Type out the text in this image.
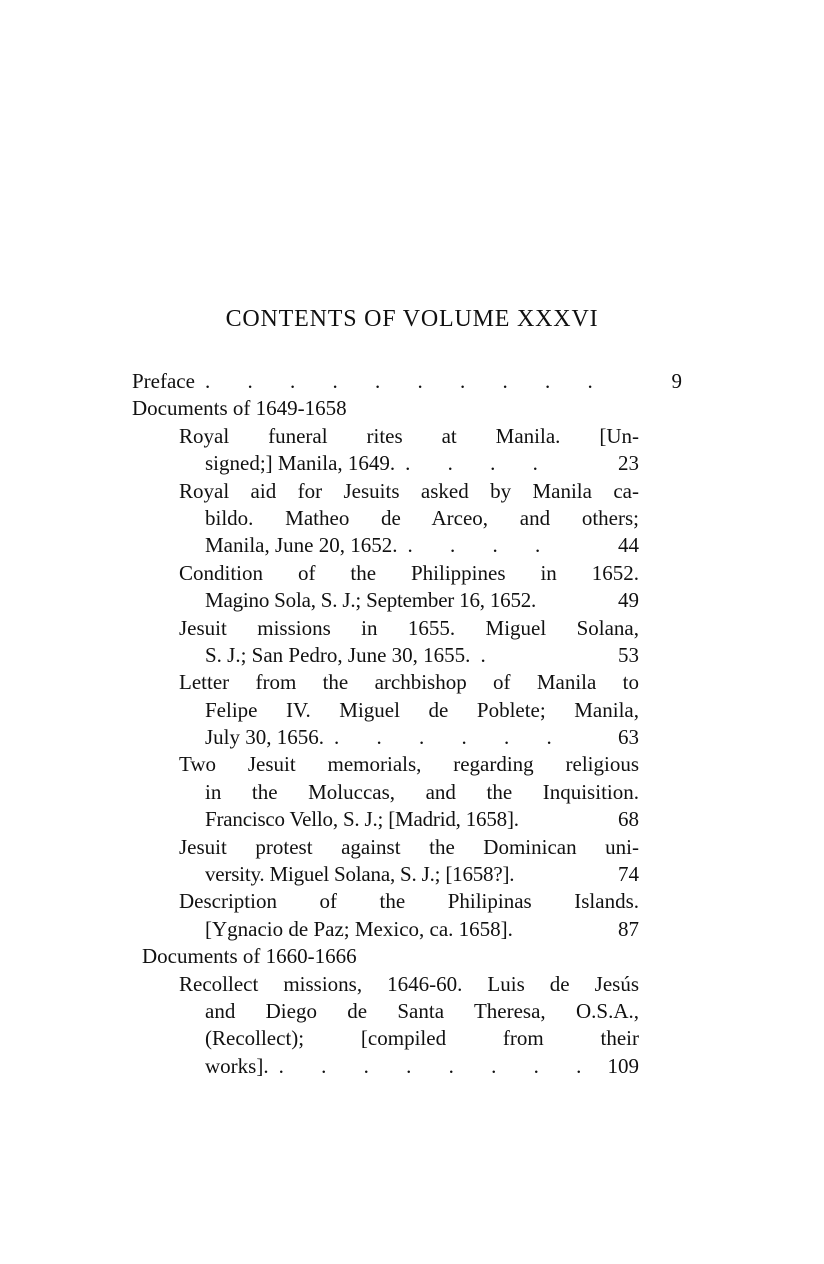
CONTENTS OF VOLUME XXXVI
Preface . . . . . . . . . .	9
Documents of 1649-1658
Royal funeral rites at Manila. [Un-
signed;] Manila, 1649. . . . .	23
Royal aid for Jesuits asked by Manila ca-
bildo. Matheo de Arceo, and others;
Manila, June 20, 1652. . . . .	44
Condition of the Philippines in 1652.
Magino Sola, S. J.; September 16, 1652.	49
Jesuit missions in 1655. Miguel Solana,
S. J.; San Pedro, June 30, 1655. .	53
Letter from the archbishop of Manila to
Felipe IV. Miguel de Poblete; Manila,
July 30, 1656. . . . . . . 63
Two Jesuit memorials, regarding religious
in the Moluccas, and the Inquisition.
Francisco Vello, S. J.; [Madrid, 1658].	68
Jesuit protest against the Dominican uni-
versity. Miguel Solana, S. J.; [1658?].	74
Description of the Philipinas Islands.
[Ygnacio de Paz; Mexico, ca. 1658].	87
Documents of 1660-1666
Recollect missions, 1646-60. Luis de Jesús
and Diego de Santa Theresa, O.S.A.,
(Recollect); [compiled from their
works]. . . . . . . . . 109
